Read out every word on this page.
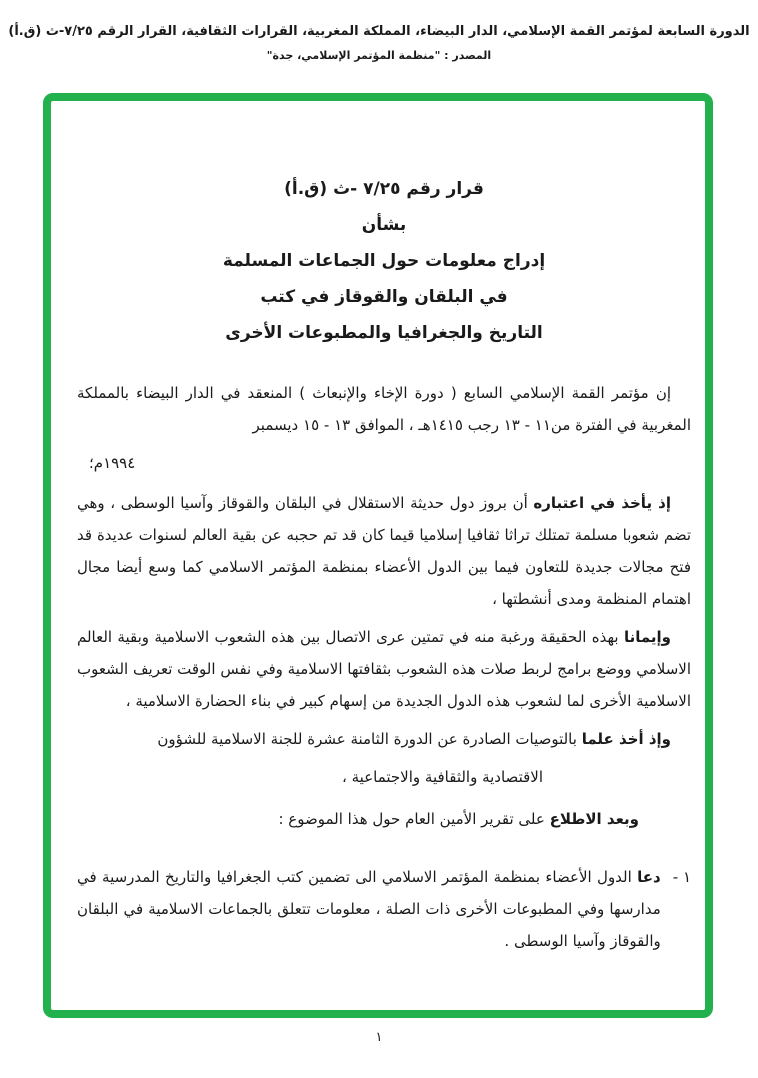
الدورة السابعة لمؤتمر القمة الإسلامي، الدار البيضاء، المملكة المغربية، القرارات الثقافية، القرار الرقم ٧/٢٥-ث (ق.أ)
المصدر : "منظمة المؤتمر الإسلامي، جدة"
قرار رقم ٧/٢٥ -ث (ق.أ)
بشأن
إدراج معلومات حول الجماعات المسلمة
في البلقان والقوقاز في كتب
التاريخ والجغرافيا والمطبوعات الأخرى

إن مؤتمر القمة الإسلامي السابع ( دورة الإخاء والإنبعاث ) المنعقد في الدار البيضاء بالمملكة المغربية في الفترة من١١ - ١٣ رجب ١٤١٥هـ ، الموافق ١٣ - ١٥ ديسمبر

١٩٩٤م؛

إذ يأخذ في اعتباره أن بروز دول حديثة الاستقلال في البلقان والقوقاز وآسيا الوسطى ، وهي تضم شعوبا مسلمة تمتلك تراثا ثقافيا إسلاميا قيما كان قد تم حجبه عن بقية العالم لسنوات عديدة قد فتح مجالات جديدة للتعاون فيما بين الدول الأعضاء بمنظمة المؤتمر الاسلامي كما وسع أيضا مجال اهتمام المنظمة ومدى أنشطتها ،

وإيمانا بهذه الحقيقة ورغبة منه في تمتين عرى الاتصال بين هذه الشعوب الاسلامية وبقية العالم الاسلامي ووضع برامج لربط صلات هذه الشعوب بثقافتها الاسلامية وفي نفس الوقت تعريف الشعوب الاسلامية الأخرى لما لشعوب هذه الدول الجديدة من إسهام كبير في بناء الحضارة الاسلامية ،

وإذ أخذ علما بالتوصيات الصادرة عن الدورة الثامنة عشرة للجنة الاسلامية للشؤون

الاقتصادية والثقافية والاجتماعية ،

وبعد الاطلاع على تقرير الأمين العام حول هذا الموضوع :

١ -
دعا الدول الأعضاء بمنظمة المؤتمر الاسلامي الى تضمين كتب الجغرافيا والتاريخ المدرسية في مدارسها وفي المطبوعات الأخرى ذات الصلة ، معلومات تتعلق بالجماعات الاسلامية في البلقان والقوقاز وآسيا الوسطى .
١
